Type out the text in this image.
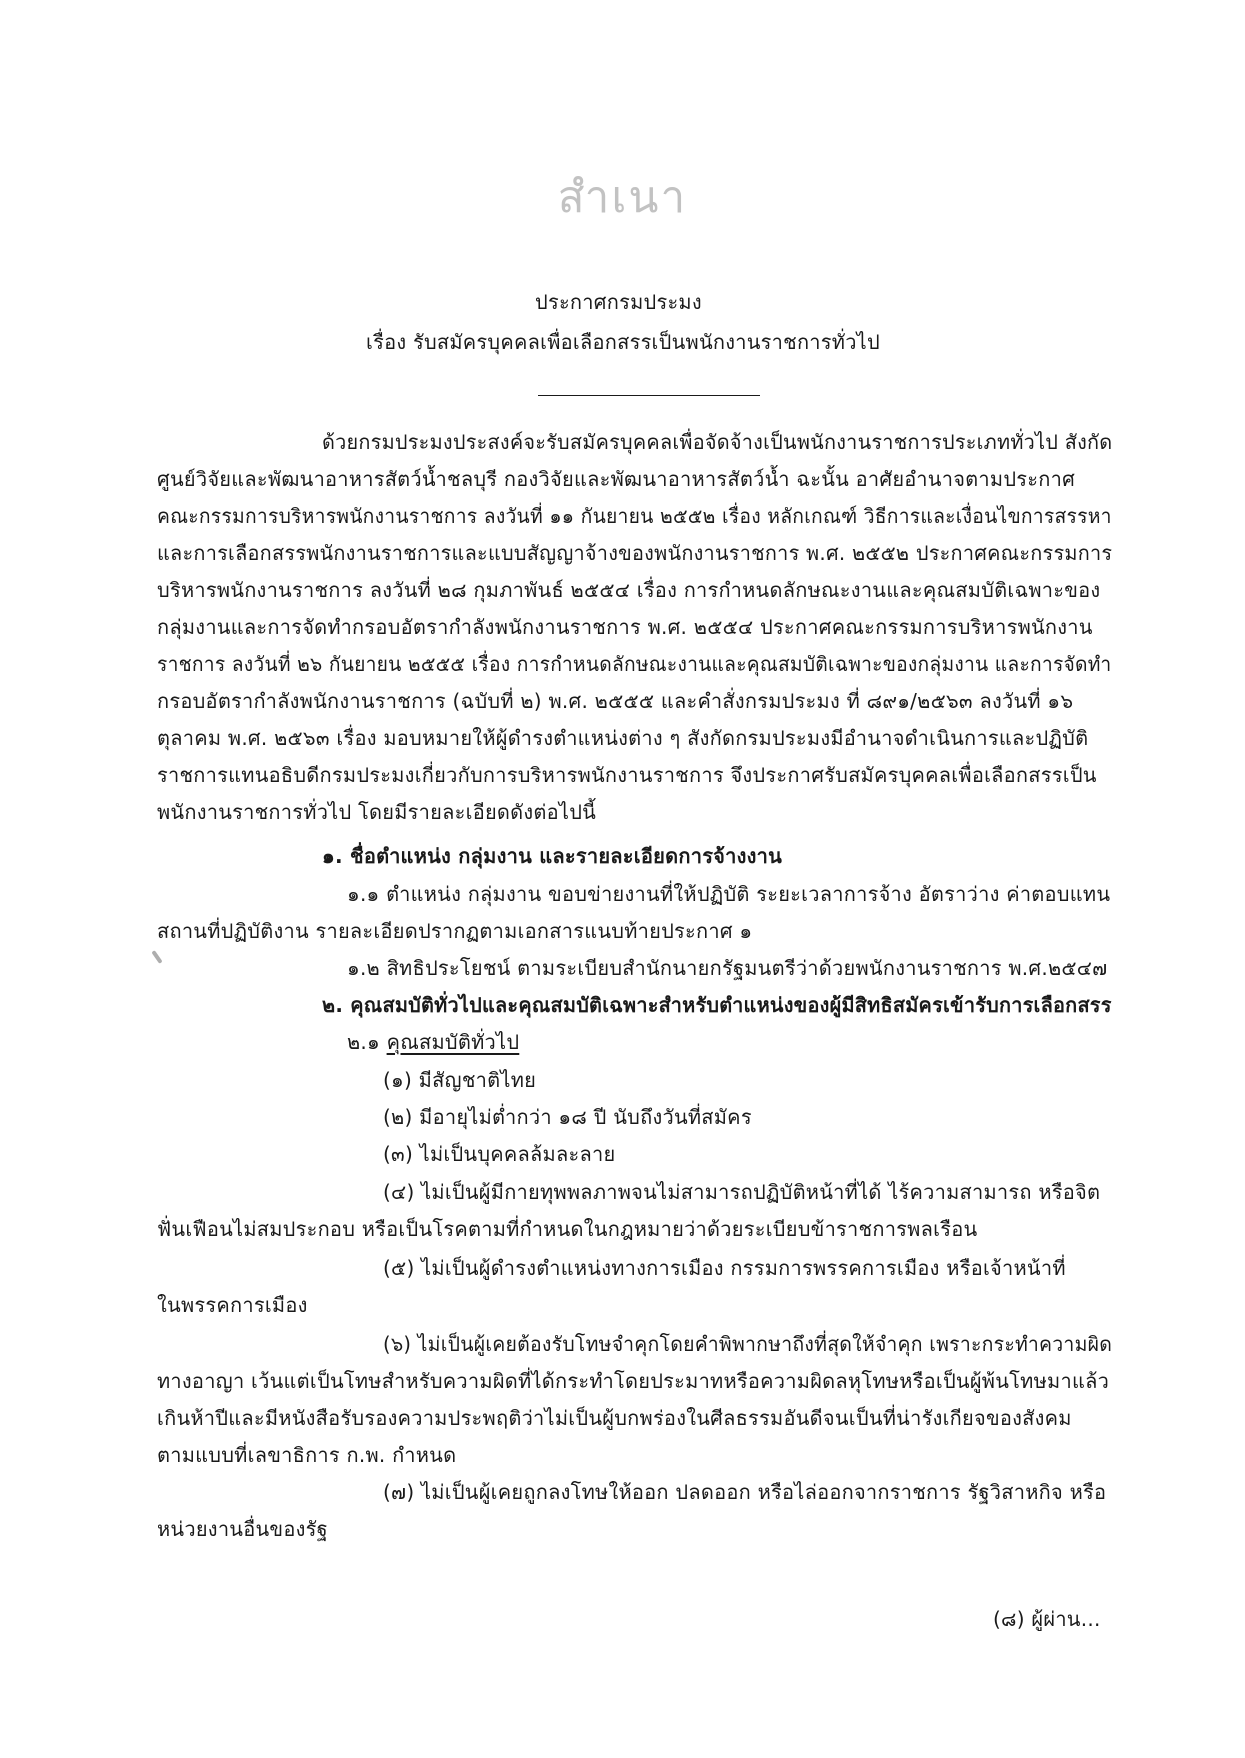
สำเนา
ประกาศกรมประมง
เรื่อง รับสมัครบุคคลเพื่อเลือกสรรเป็นพนักงานราชการทั่วไป
ด้วยกรมประมงประสงค์จะรับสมัครบุคคลเพื่อจัดจ้างเป็นพนักงานราชการประเภททั่วไป สังกัด
ศูนย์วิจัยและพัฒนาอาหารสัตว์น้ำชลบุรี กองวิจัยและพัฒนาอาหารสัตว์น้ำ ฉะนั้น อาศัยอำนาจตามประกาศ
คณะกรรมการบริหารพนักงานราชการ ลงวันที่ ๑๑ กันยายน ๒๕๕๒ เรื่อง หลักเกณฑ์ วิธีการและเงื่อนไขการสรรหา
และการเลือกสรรพนักงานราชการและแบบสัญญาจ้างของพนักงานราชการ พ.ศ. ๒๕๕๒ ประกาศคณะกรรมการ
บริหารพนักงานราชการ ลงวันที่ ๒๘ กุมภาพันธ์ ๒๕๕๔ เรื่อง การกำหนดลักษณะงานและคุณสมบัติเฉพาะของ
กลุ่มงานและการจัดทำกรอบอัตรากำลังพนักงานราชการ พ.ศ. ๒๕๕๔ ประกาศคณะกรรมการบริหารพนักงาน
ราชการ ลงวันที่ ๒๖ กันยายน ๒๕๕๕ เรื่อง การกำหนดลักษณะงานและคุณสมบัติเฉพาะของกลุ่มงาน และการจัดทำ
กรอบอัตรากำลังพนักงานราชการ (ฉบับที่ ๒) พ.ศ. ๒๕๕๕ และคำสั่งกรมประมง ที่ ๘๙๑/๒๕๖๓ ลงวันที่ ๑๖
ตุลาคม พ.ศ. ๒๕๖๓ เรื่อง มอบหมายให้ผู้ดำรงตำแหน่งต่าง ๆ สังกัดกรมประมงมีอำนาจดำเนินการและปฏิบัติ
ราชการแทนอธิบดีกรมประมงเกี่ยวกับการบริหารพนักงานราชการ จึงประกาศรับสมัครบุคคลเพื่อเลือกสรรเป็น
พนักงานราชการทั่วไป โดยมีรายละเอียดดังต่อไปนี้
๑. ชื่อตำแหน่ง กลุ่มงาน และรายละเอียดการจ้างงาน
๑.๑ ตำแหน่ง กลุ่มงาน ขอบข่ายงานที่ให้ปฏิบัติ ระยะเวลาการจ้าง อัตราว่าง ค่าตอบแทน
สถานที่ปฏิบัติงาน รายละเอียดปรากฏตามเอกสารแนบท้ายประกาศ ๑
๑.๒ สิทธิประโยชน์ ตามระเบียบสำนักนายกรัฐมนตรีว่าด้วยพนักงานราชการ พ.ศ.๒๕๔๗
๒. คุณสมบัติทั่วไปและคุณสมบัติเฉพาะสำหรับตำแหน่งของผู้มีสิทธิสมัครเข้ารับการเลือกสรร
๒.๑ คุณสมบัติทั่วไป
(๑) มีสัญชาติไทย
(๒) มีอายุไม่ต่ำกว่า ๑๘ ปี นับถึงวันที่สมัคร
(๓) ไม่เป็นบุคคลล้มละลาย
(๔) ไม่เป็นผู้มีกายทุพพลภาพจนไม่สามารถปฏิบัติหน้าที่ได้ ไร้ความสามารถ หรือจิต
ฟั่นเฟือนไม่สมประกอบ หรือเป็นโรคตามที่กำหนดในกฎหมายว่าด้วยระเบียบข้าราชการพลเรือน
(๕) ไม่เป็นผู้ดำรงตำแหน่งทางการเมือง กรรมการพรรคการเมือง หรือเจ้าหน้าที่
ในพรรคการเมือง
(๖) ไม่เป็นผู้เคยต้องรับโทษจำคุกโดยคำพิพากษาถึงที่สุดให้จำคุก เพราะกระทำความผิด
ทางอาญา เว้นแต่เป็นโทษสำหรับความผิดที่ได้กระทำโดยประมาทหรือความผิดลหุโทษหรือเป็นผู้พ้นโทษมาแล้ว
เกินห้าปีและมีหนังสือรับรองความประพฤติว่าไม่เป็นผู้บกพร่องในศีลธรรมอันดีจนเป็นที่น่ารังเกียจของสังคม
ตามแบบที่เลขาธิการ ก.พ. กำหนด
(๗) ไม่เป็นผู้เคยถูกลงโทษให้ออก ปลดออก หรือไล่ออกจากราชการ รัฐวิสาหกิจ หรือ
หน่วยงานอื่นของรัฐ
(๘) ผู้ผ่าน...
